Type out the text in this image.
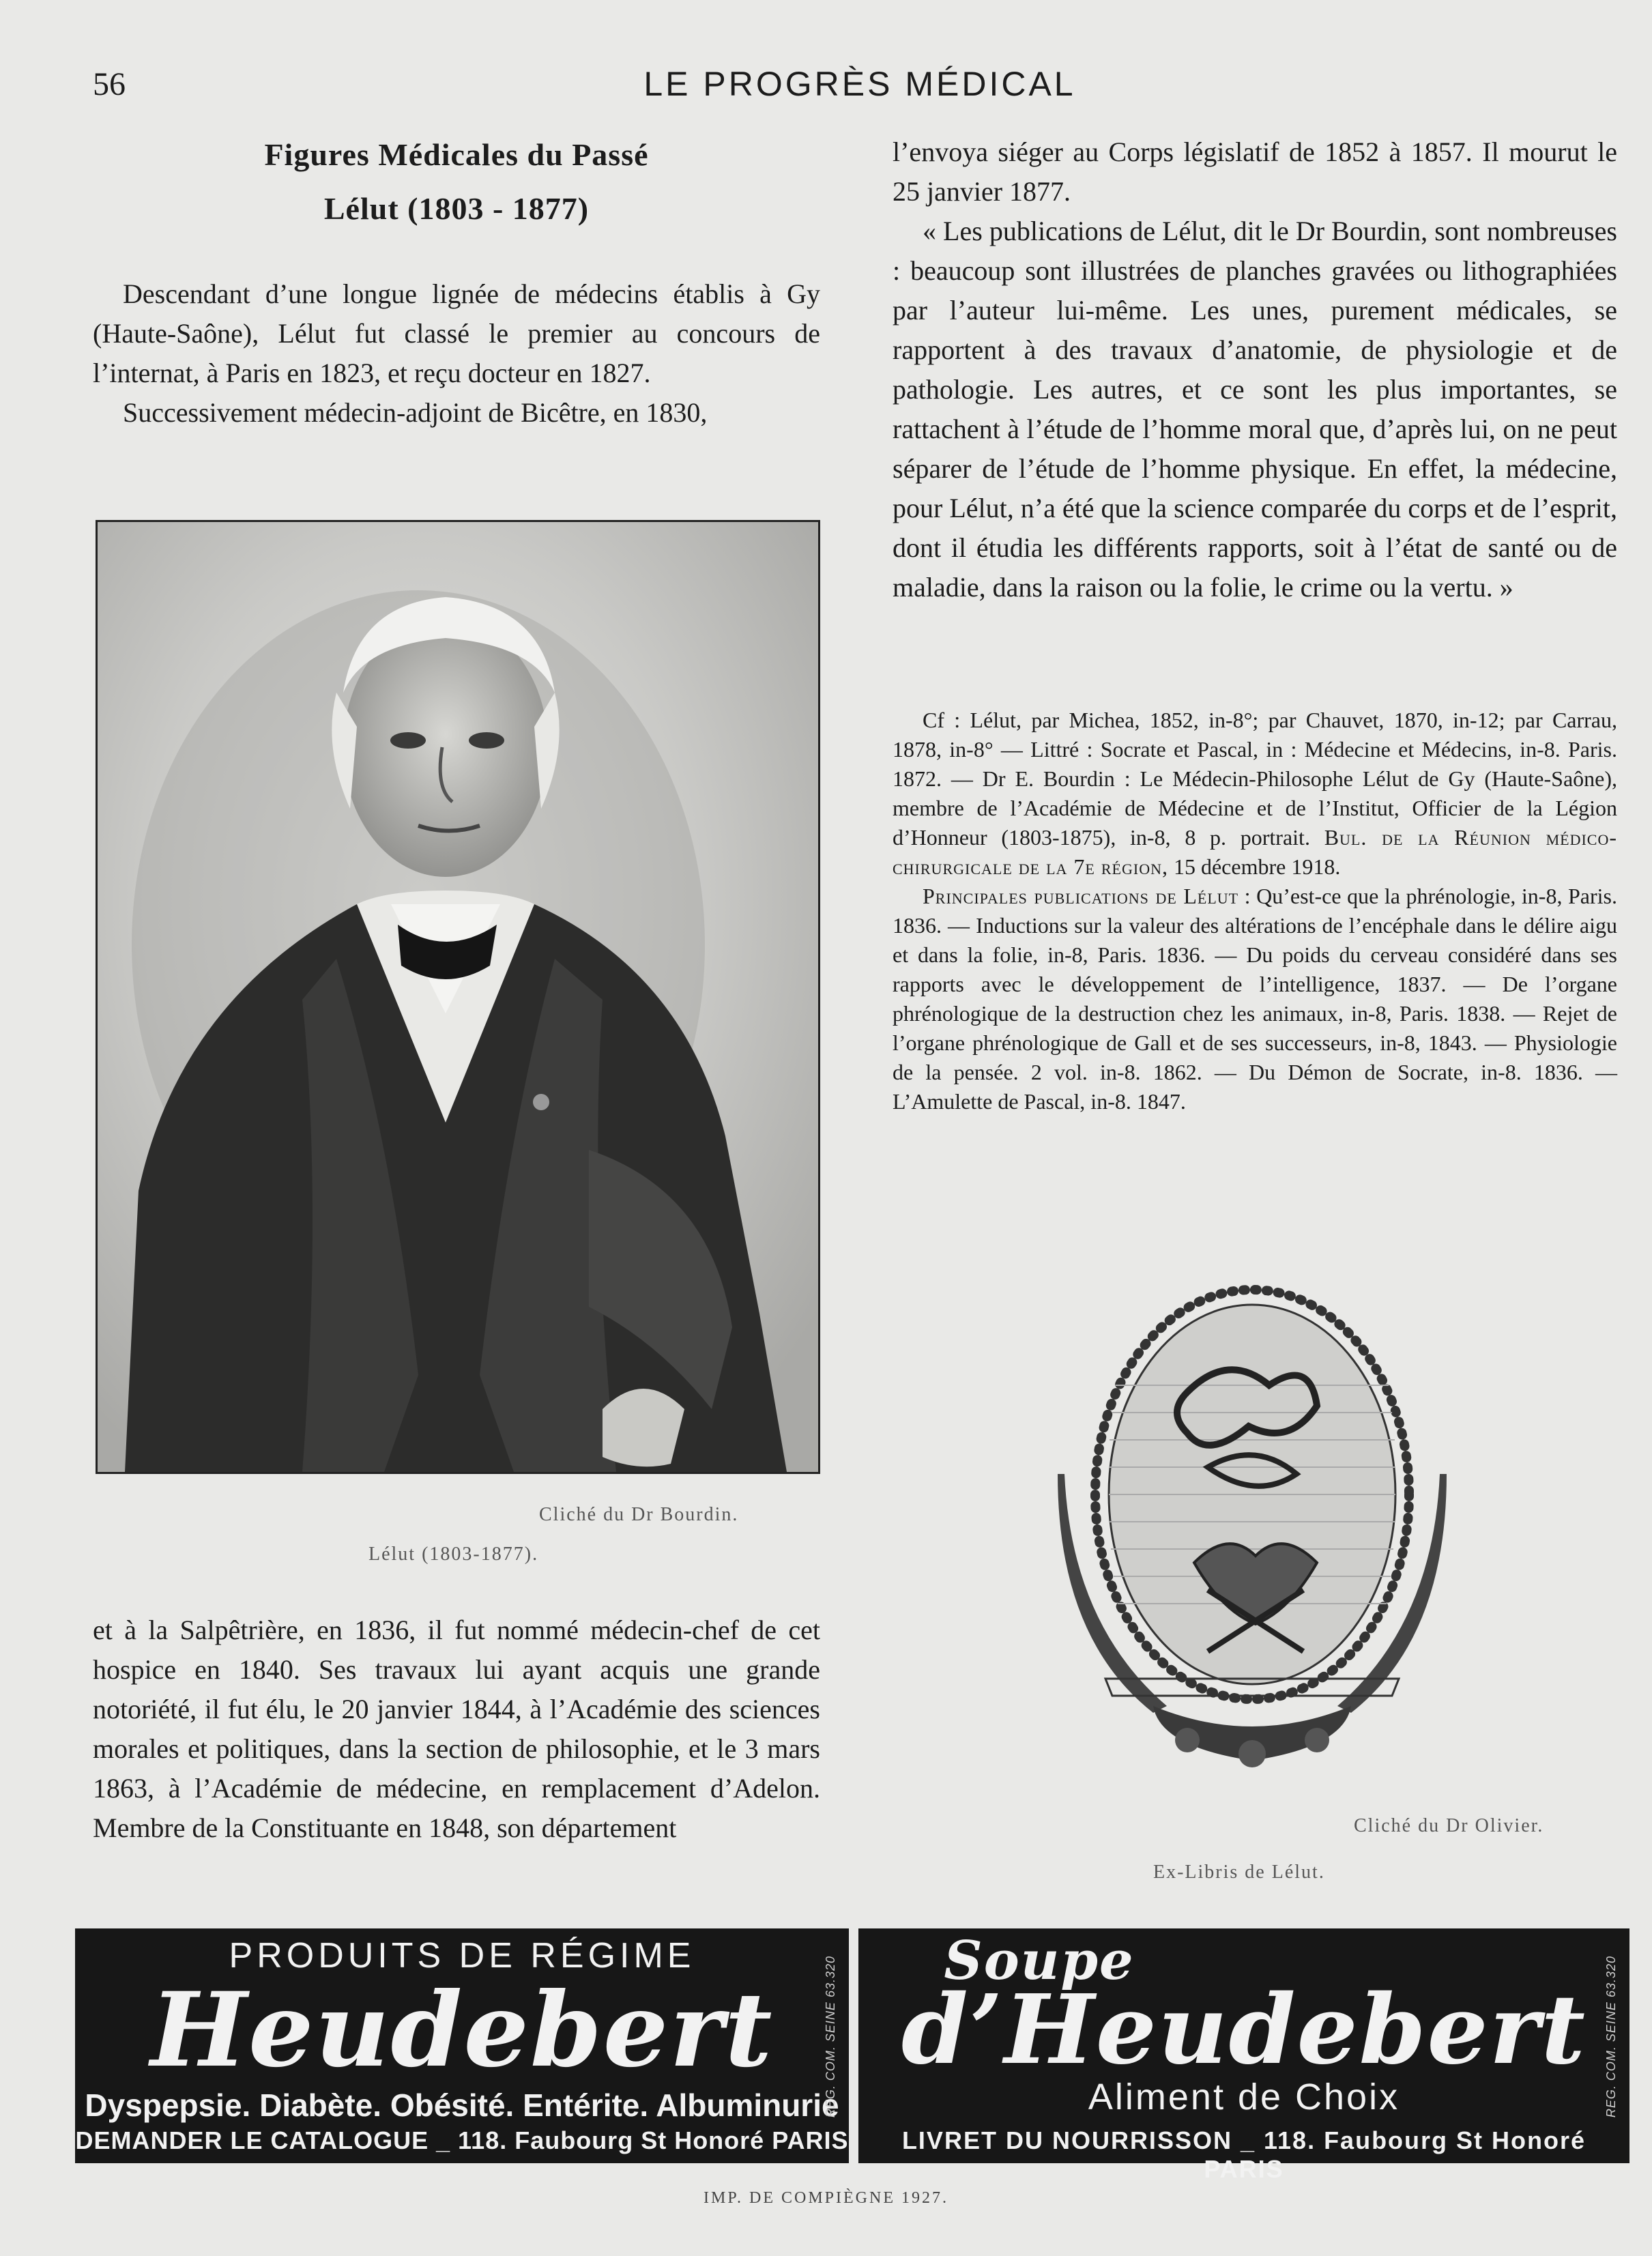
56	LE PROGRÈS MÉDICAL
Figures Médicales du Passé
Lélut (1803 - 1877)

Descendant d’une longue lignée de médecins établis à Gy (Haute-Saône), Lélut fut classé le premier au concours de l’internat, à Paris en 1823, et reçu docteur en 1827.

Successivement médecin-adjoint de Bicêtre, en 1830,

Cliché du Dr Bourdin.
Lélut (1803-1877).

et à la Salpêtrière, en 1836, il fut nommé médecin-chef de cet hospice en 1840. Ses travaux lui ayant acquis une grande notoriété, il fut élu, le 20 janvier 1844, à l’Académie des sciences morales et politiques, dans la section de philosophie, et le 3 mars 1863, à l’Académie de médecine, en remplacement d’Adelon. Membre de la Constituante en 1848, son département

l’envoya siéger au Corps législatif de 1852 à 1857. Il mourut le 25 janvier 1877.

« Les publications de Lélut, dit le Dr Bourdin, sont nombreuses : beaucoup sont illustrées de planches gravées ou lithographiées par l’auteur lui-même. Les unes, purement médicales, se rapportent à des travaux d’anatomie, de physiologie et de pathologie. Les autres, et ce sont les plus importantes, se rattachent à l’étude de l’homme moral que, d’après lui, on ne peut séparer de l’étude de l’homme physique. En effet, la médecine, pour Lélut, n’a été que la science comparée du corps et de l’esprit, dont il étudia les différents rapports, soit à l’état de santé ou de maladie, dans la raison ou la folie, le crime ou la vertu. »

Cf : Lélut, par Michea, 1852, in-8°; par Chauvet, 1870, in-12; par Carrau, 1878, in-8° — Littré : Socrate et Pascal, in : Médecine et Médecins, in-8. Paris. 1872. — Dr E. Bourdin : Le Médecin-Philosophe Lélut de Gy (Haute-Saône), membre de l’Académie de Médecine et de l’Institut, Officier de la Légion d’Honneur (1803-1875), in-8, 8 p. portrait. Bul. de la Réunion médico-chirurgicale de la 7e région, 15 décembre 1918.

Principales publications de Lélut : Qu’est-ce que la phrénologie, in-8, Paris. 1836. — Inductions sur la valeur des altérations de l’encéphale dans le délire aigu et dans la folie, in-8, Paris. 1836. — Du poids du cerveau considéré dans ses rapports avec le développement de l’intelligence, 1837. — De l’organe phrénologique de la destruction chez les animaux, in-8, Paris. 1838. — Rejet de l’organe phrénologique de Gall et de ses successeurs, in-8, 1843. — Physiologie de la pensée. 2 vol. in-8. 1862. — Du Démon de Socrate, in-8. 1836. — L’Amulette de Pascal, in-8. 1847.

Cliché du Dr Olivier.
Ex-Libris de Lélut.
PRODUITS DE RÉGIME
Heudebert
Dyspepsie. Diabète. Obésité. Entérite. Albuminurie
DEMANDER LE CATALOGUE _ 118. Faubourg St Honoré PARIS
REG. COM. SEINE 63.320	Soupe
d’Heudebert
Aliment de Choix
LIVRET DU NOURRISSON _ 118. Faubourg St Honoré PARIS
REG. COM. SEINE 63.320
IMP. DE COMPIÈGNE 1927.
